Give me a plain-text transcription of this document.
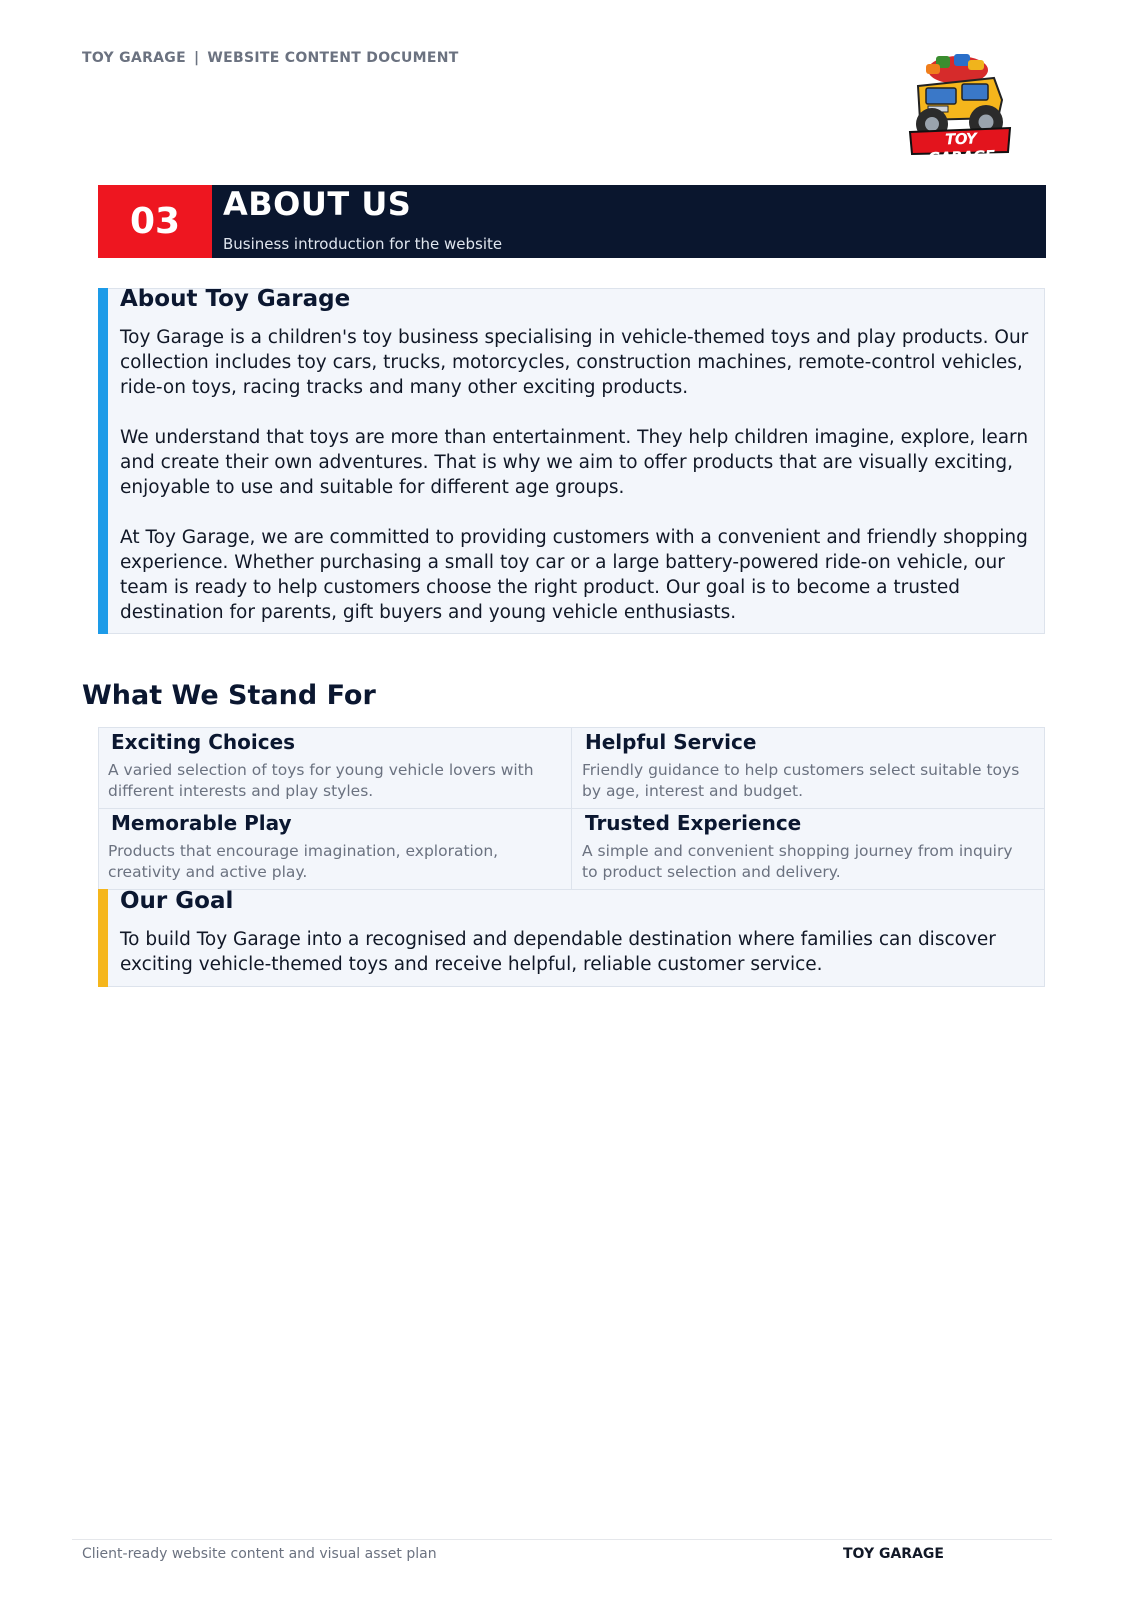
TOY GARAGE | WEBSITE CONTENT DOCUMENT
TOY GARAGE
03	ABOUT US
Business introduction for the website
About Toy Garage

Toy Garage is a children's toy business specialising in vehicle-themed toys and play products. Our collection includes toy cars, trucks, motorcycles, construction machines, remote-control vehicles, ride-on toys, racing tracks and many other exciting products.

We understand that toys are more than entertainment. They help children imagine, explore, learn and create their own adventures. That is why we aim to offer products that are visually exciting, enjoyable to use and suitable for different age groups.

At Toy Garage, we are committed to providing customers with a convenient and friendly shopping experience. Whether purchasing a small toy car or a large battery-powered ride-on vehicle, our team is ready to help customers choose the right product. Our goal is to become a trusted destination for parents, gift buyers and young vehicle enthusiasts.

What We Stand For
Exciting Choices
A varied selection of toys for young vehicle lovers with different interests and play styles.
Helpful Service
Friendly guidance to help customers select suitable toys by age, interest and budget.
Memorable Play
Products that encourage imagination, exploration, creativity and active play.
Trusted Experience
A simple and convenient shopping journey from inquiry to product selection and delivery.
Our Goal
To build Toy Garage into a recognised and dependable destination where families can discover exciting vehicle-themed toys and receive helpful, reliable customer service.
Client-ready website content and visual asset plan	TOY GARAGE
